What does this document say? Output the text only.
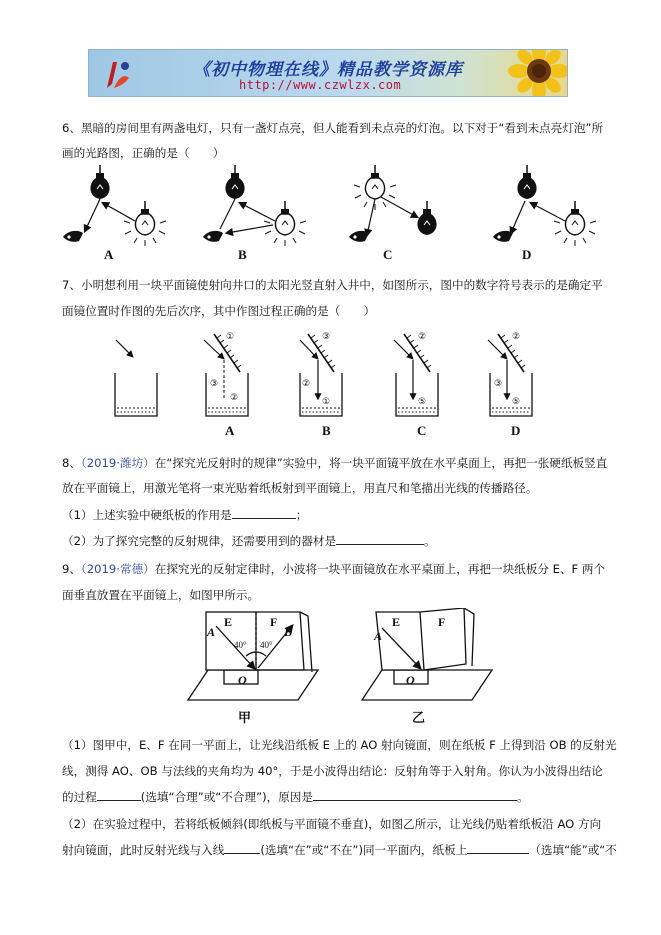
《初中物理在线》精品教学资源库
http://www.czwlzx.com
6、黑暗的房间里有两盏电灯，只有一盏灯点亮，但人能看到未点亮的灯泡。以下对于“看到未点亮灯泡”所
画的光路图，正确的是（　　）
A	B	C	D
7、小明想利用一块平面镜使射向井口的太阳光竖直射入井中，如图所示，图中的数字符号表示的是确定平
面镜位置时作图的先后次序，其中作图过程正确的是（　　）
①
③
②
③
②
①
②
⑤
②
③
⑤
A	B	C	D
8、（2019·潍坊）在“探究光反射时的规律”实验中，将一块平面镜平放在水平桌面上，再把一张硬纸板竖直
放在平面镜上，用激光笔将一束光贴着纸板射到平面镜上，用直尺和笔描出光线的传播路径。
（1）上述实验中硬纸板的作用是	；
（2）为了探究完整的反射规律，还需要用到的器材是	。
9、（2019·常德）在探究光的反射定律时，小波将一块平面镜放在水平桌面上，再把一块纸板分 E、F 两个
面垂直放置在平面镜上，如图甲所示。
A	B
E	F
O
A
E	F
O
40° 40°
甲	乙
（1）图甲中，E、F 在同一平面上，让光线沿纸板 E 上的 AO 射向镜面，则在纸板 F 上得到沿 OB 的反射光
线，测得 AO、OB 与法线的夹角均为 40°，于是小波得出结论：反射角等于入射角。你认为小波得出结论
的过程	(选填“合理”或“不合理”)，原因是	。
（2）在实验过程中，若将纸板倾斜(即纸板与平面镜不垂直)，如图乙所示，让光线仍贴着纸板沿 AO 方向
射向镜面，此时反射光线与入线	(选填“在”或“不在”)同一平面内，纸板上	（选填“能”或“不
